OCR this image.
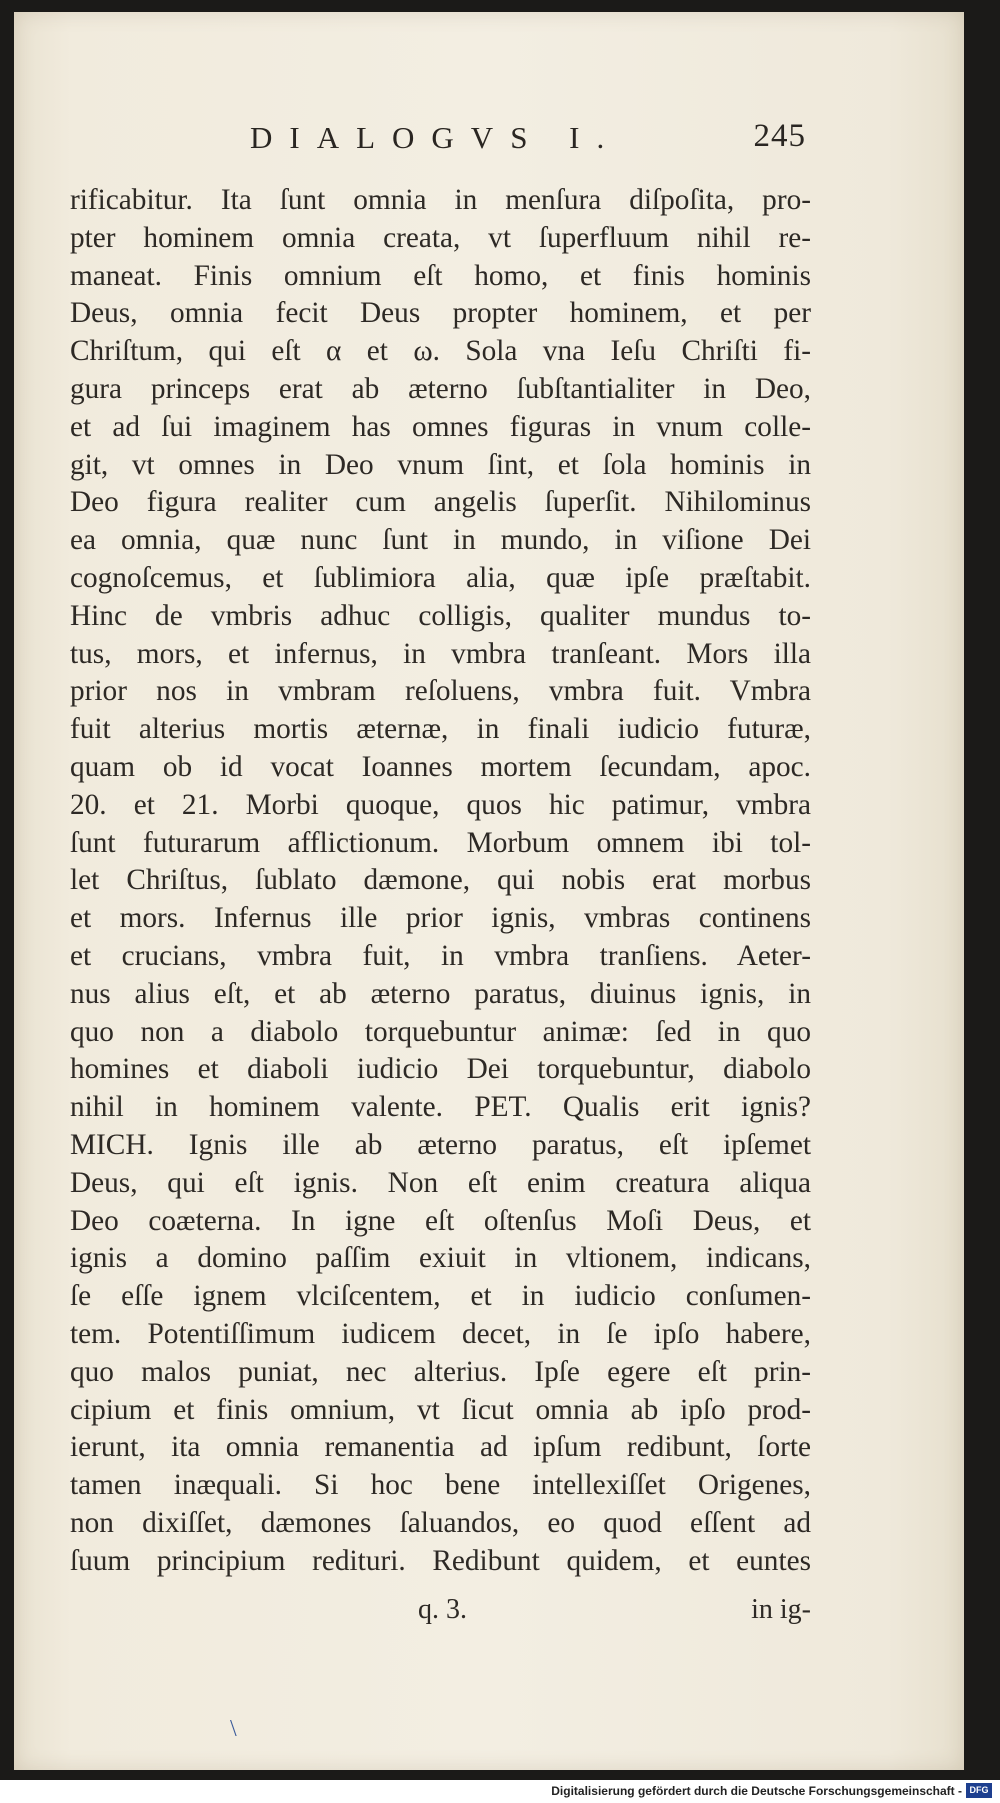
DIALOGVS I.	245
rificabitur. Ita ſunt omnia in menſura diſpoſita, pro-
pter hominem omnia creata, vt ſuperfluum nihil re-
maneat. Finis omnium eſt homo, et finis hominis
Deus, omnia fecit Deus propter hominem, et per
Chriſtum, qui eſt α et ω. Sola vna Ieſu Chriſti fi-
gura princeps erat ab æterno ſubſtantialiter in Deo,
et ad ſui imaginem has omnes figuras in vnum colle-
git, vt omnes in Deo vnum ſint, et ſola hominis in
Deo figura realiter cum angelis ſuperſit. Nihilominus
ea omnia, quæ nunc ſunt in mundo, in viſione Dei
cognoſcemus, et ſublimiora alia, quæ ipſe præſtabit.
Hinc de vmbris adhuc colligis, qualiter mundus to-
tus, mors, et infernus, in vmbra tranſeant. Mors illa
prior nos in vmbram reſoluens, vmbra fuit. Vmbra
fuit alterius mortis æternæ, in finali iudicio futuræ,
quam ob id vocat Ioannes mortem ſecundam, apoc.
20. et 21. Morbi quoque, quos hic patimur, vmbra
ſunt futurarum afflictionum. Morbum omnem ibi tol-
let Chriſtus, ſublato dæmone, qui nobis erat morbus
et mors. Infernus ille prior ignis, vmbras continens
et crucians, vmbra fuit, in vmbra tranſiens. Aeter-
nus alius eſt, et ab æterno paratus, diuinus ignis, in
quo non a diabolo torquebuntur animæ: ſed in quo
homines et diaboli iudicio Dei torquebuntur, diabolo
nihil in hominem valente. PET. Qualis erit ignis?
MICH. Ignis ille ab æterno paratus, eſt ipſemet
Deus, qui eſt ignis. Non eſt enim creatura aliqua
Deo coæterna. In igne eſt oſtenſus Moſi Deus, et
ignis a domino paſſim exiuit in vltionem, indicans,
ſe eſſe ignem vlciſcentem, et in iudicio conſumen-
tem. Potentiſſimum iudicem decet, in ſe ipſo habere,
quo malos puniat, nec alterius. Ipſe egere eſt prin-
cipium et finis omnium, vt ſicut omnia ab ipſo prod-
ierunt, ita omnia remanentia ad ipſum redibunt, ſorte
tamen inæquali. Si hoc bene intellexiſſet Origenes,
non dixiſſet, dæmones ſaluandos, eo quod eſſent ad
ſuum principium redituri. Redibunt quidem, et euntes
q. 3.	in ig-
\
Digitalisierung gefördert durch die Deutsche Forschungsgemeinschaft - DFG
